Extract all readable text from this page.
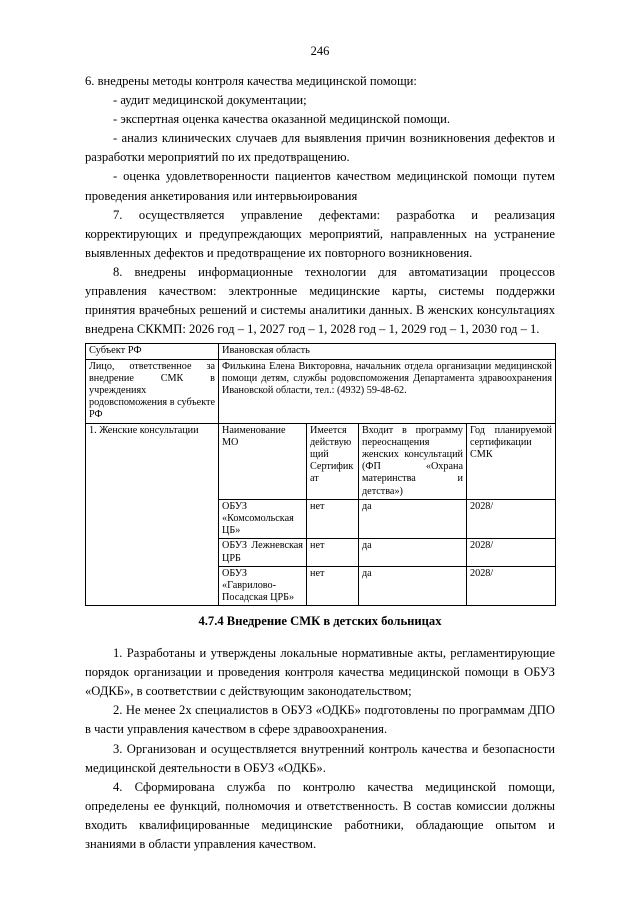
246

6. внедрены методы контроля качества медицинской помощи:

- аудит медицинской документации;

- экспертная оценка качества оказанной медицинской помощи.

- анализ клинических случаев для выявления причин возникновения дефектов и разработки мероприятий по их предотвращению.

- оценка удовлетворенности пациентов качеством медицинской помощи путем проведения анкетирования или интервьюирования

7. осуществляется управление дефектами: разработка и реализация корректирующих и предупреждающих мероприятий, направленных на устранение выявленных дефектов и предотвращение их повторного возникновения.

8. внедрены информационные технологии для автоматизации процессов управления качеством: электронные медицинские карты, системы поддержки принятия врачебных решений и системы аналитики данных. В женских консультациях внедрена СККМП: 2026 год – 1, 2027 год – 1, 2028 год – 1, 2029 год – 1, 2030 год – 1.

Субъект РФ	Ивановская область			
Лицо, ответственное за внедрение СМК в учреждениях родовспоможения в субъекте РФ	Филькина Елена Викторовна, начальник отдела организации медицинской помощи детям, службы родовспоможения Департамента здравоохранения Ивановской области, тел.: (4932) 59-48-62.			
1. Женские консультации	Наименование МО	Имеется действующий Сертификат	Входит в программу переоснащения женских консультаций (ФП «Охрана материнства и детства»)	Год планируемой сертификации СМК
	ОБУЗ «Комсомольская ЦБ»	нет	да	2028/
	ОБУЗ Лежневская ЦРБ	нет	да	2028/
	ОБУЗ «Гаврилово-Посадская ЦРБ»	нет	да	2028/

4.7.4 Внедрение СМК в детских больницах

1. Разработаны и утверждены локальные нормативные акты, регламентирующие порядок организации и проведения контроля качества медицинской помощи в ОБУЗ «ОДКБ», в соответствии с действующим законодательством;

2. Не менее 2х специалистов в ОБУЗ «ОДКБ» подготовлены по программам ДПО в части управления качеством в сфере здравоохранения.

3. Организован и осуществляется внутренний контроль качества и безопасности медицинской деятельности в ОБУЗ «ОДКБ».

4. Сформирована служба по контролю качества медицинской помощи, определены ее функций, полномочия и ответственность. В состав комиссии должны входить квалифицированные медицинские работники, обладающие опытом и знаниями в области управления качеством.
